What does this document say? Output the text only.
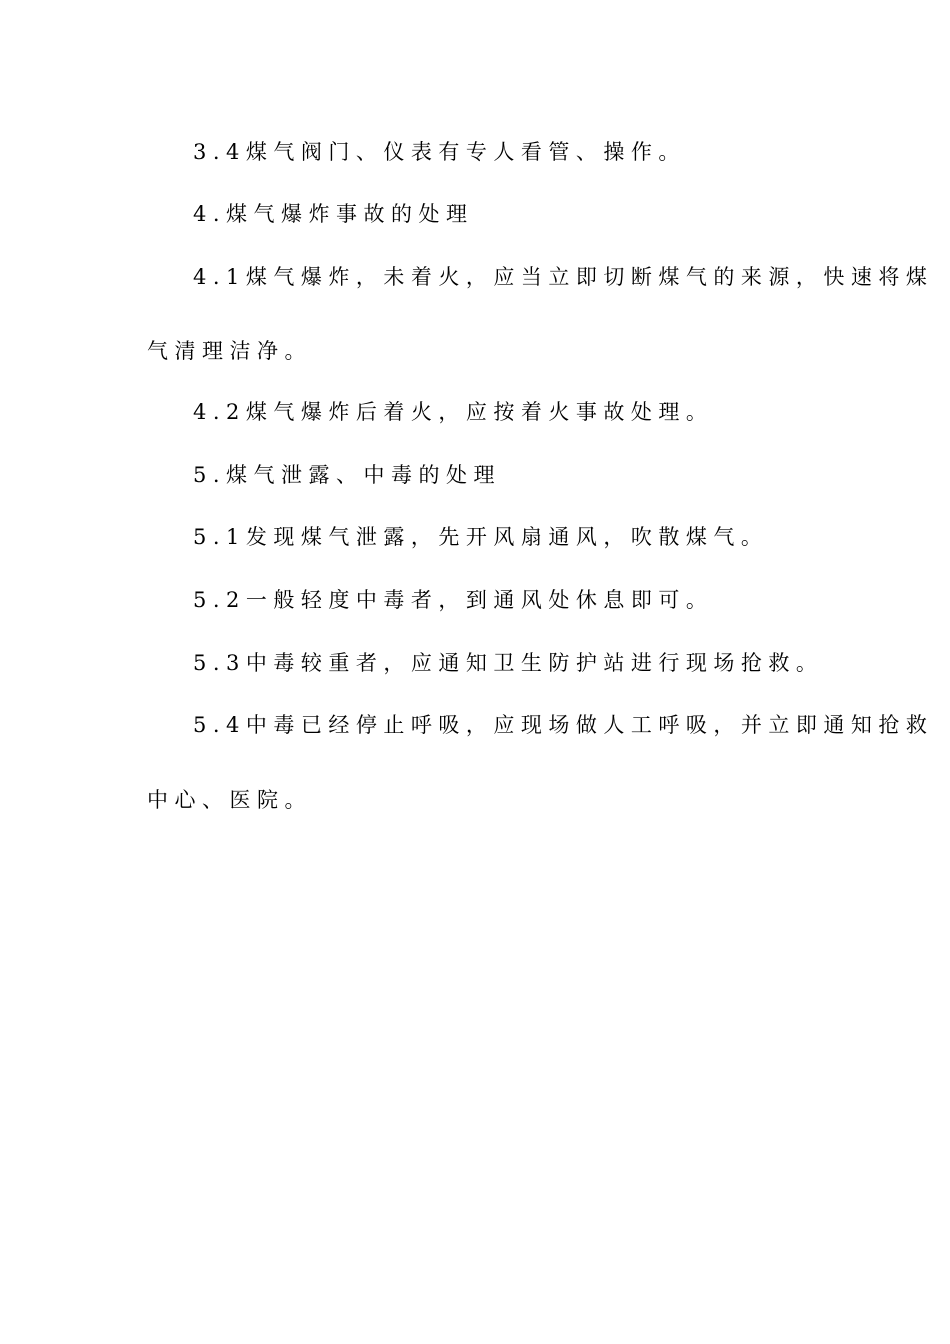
3.4煤气阀门、仪表有专人看管、操作。
4.煤气爆炸事故的处理
4.1煤气爆炸，未着火，应当立即切断煤气的来源，快速将煤
气清理洁净。
4.2煤气爆炸后着火，应按着火事故处理。
5.煤气泄露、中毒的处理
5.1发现煤气泄露，先开风扇通风，吹散煤气。
5.2一般轻度中毒者，到通风处休息即可。
5.3中毒较重者，应通知卫生防护站进行现场抢救。
5.4中毒已经停止呼吸，应现场做人工呼吸，并立即通知抢救
中心、医院。
